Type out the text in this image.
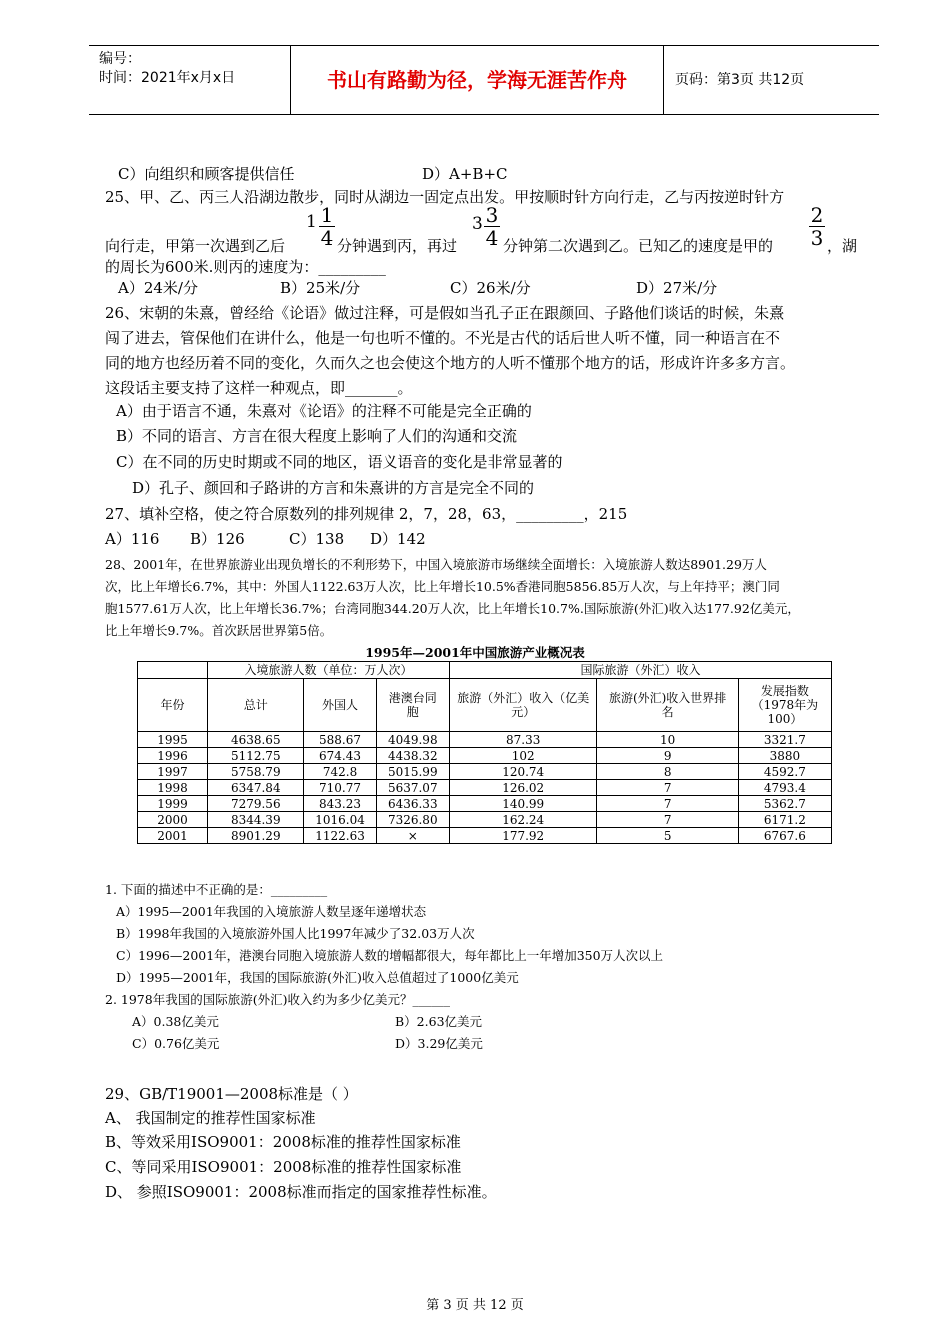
编号：
时间：2021年x月x日	书山有路勤为径，学海无涯苦作舟	页码：第3页 共12页
C）向组织和顾客提供信任	D）A+B+C
25、甲、乙、丙三人沿湖边散步，同时从湖边一固定点出发。甲按顺时针方向行走，乙与丙按逆时针方
1 1
4
3 3
4
2
3
向行走，甲第一次遇到乙后	分钟遇到丙，再过	分钟第二次遇到乙。已知乙的速度是甲的	，湖
的周长为600米.则丙的速度为：_________
A）24米/分	B）25米/分	C）26米/分	D）27米/分
26、宋朝的朱熹，曾经给《论语》做过注释，可是假如当孔子正在跟颜回、子路他们谈话的时候，朱熹
闯了进去，管保他们在讲什么，他是一句也听不懂的。不光是古代的话后世人听不懂，同一种语言在不
同的地方也经历着不同的变化，久而久之也会使这个地方的人听不懂那个地方的话，形成许许多多方言。
这段话主要支持了这样一种观点，即_______。
A）由于语言不通，朱熹对《论语》的注释不可能是完全正确的
B）不同的语言、方言在很大程度上影响了人们的沟通和交流
C）在不同的历史时期或不同的地区，语义语音的变化是非常显著的
D）孔子、颜回和子路讲的方言和朱熹讲的方言是完全不同的
27、填补空格，使之符合原数列的排列规律 2，7，28，63，_________，215
A）116 B）126	C）138 D）142
28、2001年，在世界旅游业出现负增长的不利形势下，中国入境旅游市场继续全面增长：入境旅游人数达8901.29万人
次，比上年增长6.7%，其中：外国人1122.63万人次，比上年增长10.5%香港同胞5856.85万人次，与上年持平；澳门同
胞1577.61万人次，比上年增长36.7%；台湾同胞344.20万人次，比上年增长10.7%.国际旅游(外汇)收入达177.92亿美元，
比上年增长9.7%。首次跃居世界第5倍。
1995年—2001年中国旅游产业概况表
	入境旅游人数（单位：万人次）			国际旅游（外汇）收入		
年份	总计	外国人	港澳台同胞	旅游（外汇）收入（亿美元）	旅游(外汇)收入世界排名	发展指数（1978年为100）
1995	4638.65	588.67	4049.98	87.33	10	3321.7
1996	5112.75	674.43	4438.32	102	9	3880
1997	5758.79	742.8	5015.99	120.74	8	4592.7
1998	6347.84	710.77	5637.07	126.02	7	4793.4
1999	7279.56	843.23	6436.33	140.99	7	5362.7
2000	8344.39	1016.04	7326.80	162.24	7	6171.2
2001	8901.29	1122.63	×	177.92	5	6767.6
1. 下面的描述中不正确的是：_________
A）1995—2001年我国的入境旅游人数呈逐年递增状态
B）1998年我国的入境旅游外国人比1997年减少了32.03万人次
C）1996—2001年，港澳台同胞入境旅游人数的增幅都很大，每年都比上一年增加350万人次以上
D）1995—2001年，我国的国际旅游(外汇)收入总值超过了1000亿美元
2. 1978年我国的国际旅游(外汇)收入约为多少亿美元？______
A）0.38亿美元	B）2.63亿美元
C）0.76亿美元	D）3.29亿美元
29、GB/T19001—2008标准是（ ）
A、 我国制定的推荐性国家标准
B、等效采用ISO9001：2008标准的推荐性国家标准
C、等同采用ISO9001：2008标准的推荐性国家标准
D、 参照ISO9001：2008标准而指定的国家推荐性标准。
第 3 页 共 12 页
